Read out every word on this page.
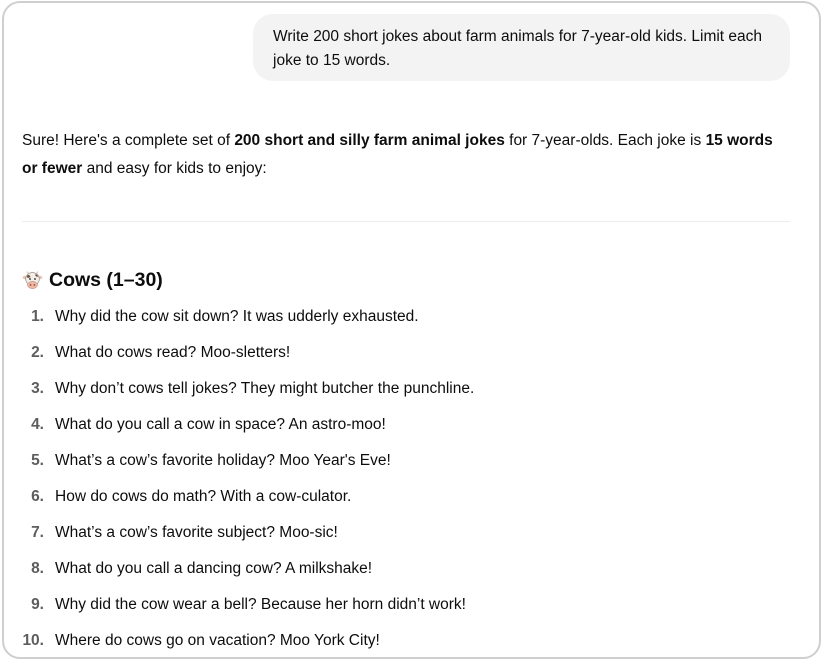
Write 200 short jokes about farm animals for 7-year-old kids. Limit each joke to 15 words.
Sure! Here's a complete set of 200 short and silly farm animal jokes for 7-year-olds. Each joke is 15 words or fewer and easy for kids to enjoy:
Cows (1–30)
1. Why did the cow sit down? It was udderly exhausted.
2. What do cows read? Moo-sletters!
3. Why don’t cows tell jokes? They might butcher the punchline.
4. What do you call a cow in space? An astro-moo!
5. What’s a cow’s favorite holiday? Moo Year's Eve!
6. How do cows do math? With a cow-culator.
7. What’s a cow’s favorite subject? Moo-sic!
8. What do you call a dancing cow? A milkshake!
9. Why did the cow wear a bell? Because her horn didn’t work!
10. Where do cows go on vacation? Moo York City!
